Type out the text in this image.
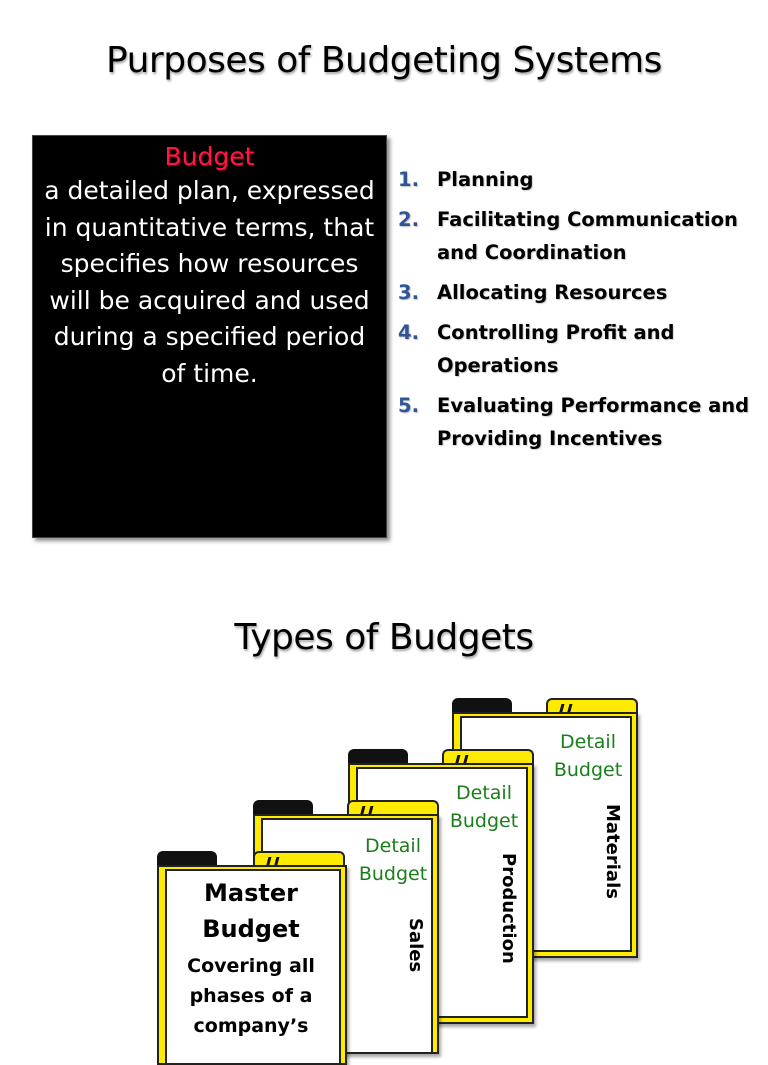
Purposes of Budgeting Systems
Budget
a detailed plan, expressed in quantitative terms, that specifies how resources will be acquired and used during a specified period of time.
1. Planning
2. Facilitating Communication and Coordination
3. Allocating Resources
4. Controlling Profit and Operations
5. Evaluating Performance and Providing Incentives
Types of Budgets
Detail Budget
Materials
Detail Budget
Production
Detail Budget
Sales
Master Budget
Covering all phases of a company’s
